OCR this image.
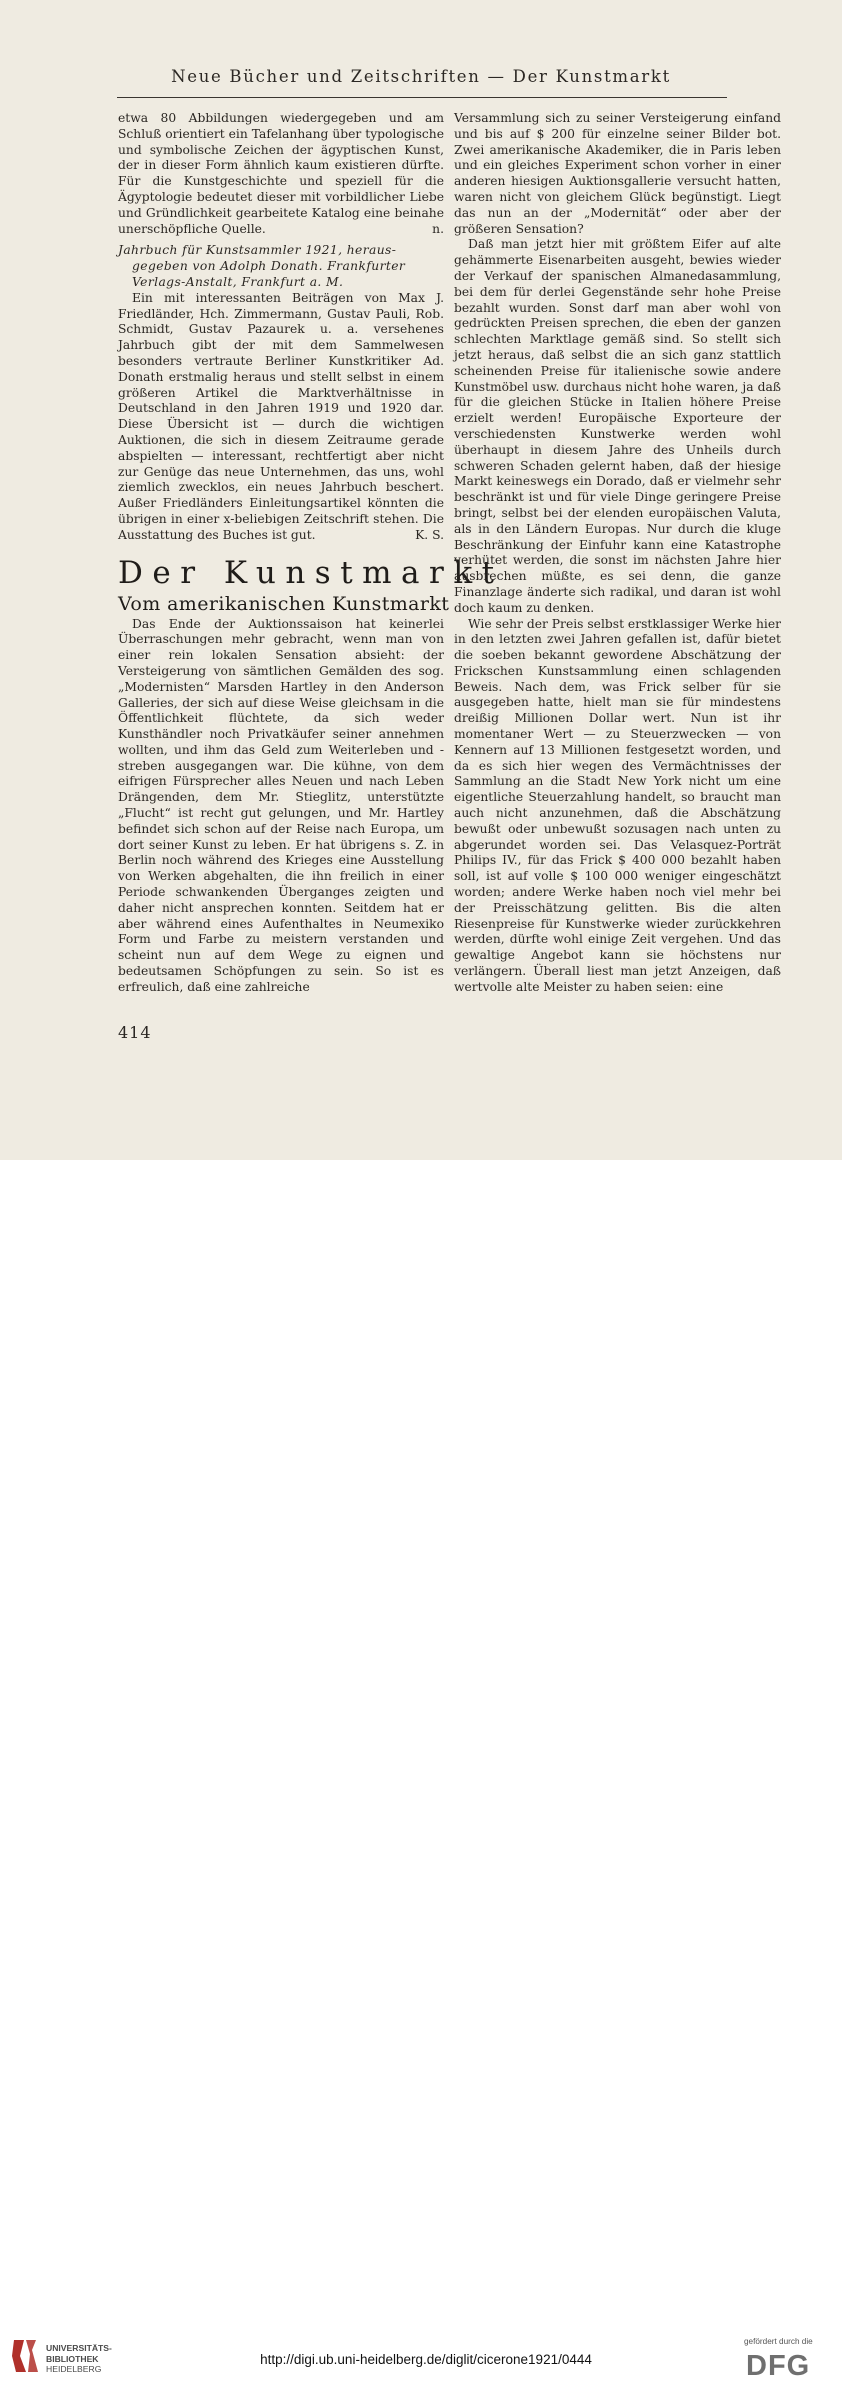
Neue Bücher und Zeitschriften — Der Kunstmarkt

etwa 80 Abbildungen wiedergegeben und am Schluß orientiert ein Tafelanhang über typologische und symbolische Zeichen der ägyptischen Kunst, der in dieser Form ähnlich kaum existieren dürfte. Für die Kunstgeschichte und speziell für die Ägyptologie bedeutet dieser mit vorbildlicher Liebe und Gründlichkeit gearbeitete Katalog eine beinahe unerschöpfliche Quelle.	n.

Jahrbuch für Kunstsammler 1921, heraus-
gegeben von Adolph Donath. Frankfurter
Verlags-Anstalt, Frankfurt a. M.

Ein mit interessanten Beiträgen von Max J. Friedländer, Hch. Zimmermann, Gustav Pauli, Rob. Schmidt, Gustav Pazaurek u. a. versehenes Jahrbuch gibt der mit dem Sammelwesen besonders vertraute Berliner Kunstkritiker Ad. Donath erstmalig heraus und stellt selbst in einem größeren Artikel die Marktverhältnisse in Deutschland in den Jahren 1919 und 1920 dar. Diese Übersicht ist — durch die wichtigen Auktionen, die sich in diesem Zeitraume gerade abspielten — interessant, rechtfertigt aber nicht zur Genüge das neue Unternehmen, das uns, wohl ziemlich zwecklos, ein neues Jahrbuch beschert. Außer Friedländers Einleitungsartikel könnten die übrigen in einer x-beliebigen Zeitschrift stehen. Die Ausstattung des Buches ist gut.	K. S.

Der Kunstmarkt
Vom amerikanischen Kunstmarkt

Das Ende der Auktionssaison hat keinerlei Überraschungen mehr gebracht, wenn man von einer rein lokalen Sensation absieht: der Versteigerung von sämtlichen Gemälden des sog. „Modernisten“ Marsden Hartley in den Anderson Galleries, der sich auf diese Weise gleichsam in die Öffentlichkeit flüchtete, da sich weder Kunsthändler noch Privatkäufer seiner annehmen wollten, und ihm das Geld zum Weiterleben und -streben ausgegangen war. Die kühne, von dem eifrigen Fürsprecher alles Neuen und nach Leben Drängenden, dem Mr. Stieglitz, unterstützte „Flucht“ ist recht gut gelungen, und Mr. Hartley befindet sich schon auf der Reise nach Europa, um dort seiner Kunst zu leben. Er hat übrigens s. Z. in Berlin noch während des Krieges eine Ausstellung von Werken abgehalten, die ihn freilich in einer Periode schwankenden Überganges zeigten und daher nicht ansprechen konnten. Seitdem hat er aber während eines Aufenthaltes in Neumexiko Form und Farbe zu meistern verstanden und scheint nun auf dem Wege zu eignen und bedeutsamen Schöpfungen zu sein. So ist es erfreulich, daß eine zahlreiche

Versammlung sich zu seiner Versteigerung einfand und bis auf $ 200 für einzelne seiner Bilder bot. Zwei amerikanische Akademiker, die in Paris leben und ein gleiches Experiment schon vorher in einer anderen hiesigen Auktionsgallerie versucht hatten, waren nicht von gleichem Glück begünstigt. Liegt das nun an der „Modernität“ oder aber der größeren Sensation?

Daß man jetzt hier mit größtem Eifer auf alte gehämmerte Eisenarbeiten ausgeht, bewies wieder der Verkauf der spanischen Almanedasammlung, bei dem für derlei Gegenstände sehr hohe Preise bezahlt wurden. Sonst darf man aber wohl von gedrückten Preisen sprechen, die eben der ganzen schlechten Marktlage gemäß sind. So stellt sich jetzt heraus, daß selbst die an sich ganz stattlich scheinenden Preise für italienische sowie andere Kunstmöbel usw. durchaus nicht hohe waren, ja daß für die gleichen Stücke in Italien höhere Preise erzielt werden! Europäische Exporteure der verschiedensten Kunstwerke werden wohl überhaupt in diesem Jahre des Unheils durch schweren Schaden gelernt haben, daß der hiesige Markt keineswegs ein Dorado, daß er vielmehr sehr beschränkt ist und für viele Dinge geringere Preise bringt, selbst bei der elenden europäischen Valuta, als in den Ländern Europas. Nur durch die kluge Beschränkung der Einfuhr kann eine Katastrophe verhütet werden, die sonst im nächsten Jahre hier ausbrechen müßte, es sei denn, die ganze Finanzlage änderte sich radikal, und daran ist wohl doch kaum zu denken.

Wie sehr der Preis selbst erstklassiger Werke hier in den letzten zwei Jahren gefallen ist, dafür bietet die soeben bekannt gewordene Abschätzung der Frickschen Kunstsammlung einen schlagenden Beweis. Nach dem, was Frick selber für sie ausgegeben hatte, hielt man sie für mindestens dreißig Millionen Dollar wert. Nun ist ihr momentaner Wert — zu Steuerzwecken — von Kennern auf 13 Millionen festgesetzt worden, und da es sich hier wegen des Vermächtnisses der Sammlung an die Stadt New York nicht um eine eigentliche Steuerzahlung handelt, so braucht man auch nicht anzunehmen, daß die Abschätzung bewußt oder unbewußt sozusagen nach unten zu abgerundet worden sei. Das Velasquez-Porträt Philips IV., für das Frick $ 400 000 bezahlt haben soll, ist auf volle $ 100 000 weniger eingeschätzt worden; andere Werke haben noch viel mehr bei der Preisschätzung gelitten. Bis die alten Riesenpreise für Kunstwerke wieder zurückkehren werden, dürfte wohl einige Zeit vergehen. Und das gewaltige Angebot kann sie höchstens nur verlängern. Überall liest man jetzt Anzeigen, daß wertvolle alte Meister zu haben seien: eine

414
UNIVERSITÄTS-
BIBLIOTHEK
HEIDELBERG
http://digi.ub.uni-heidelberg.de/diglit/cicerone1921/0444
gefördert durch die
DFG
